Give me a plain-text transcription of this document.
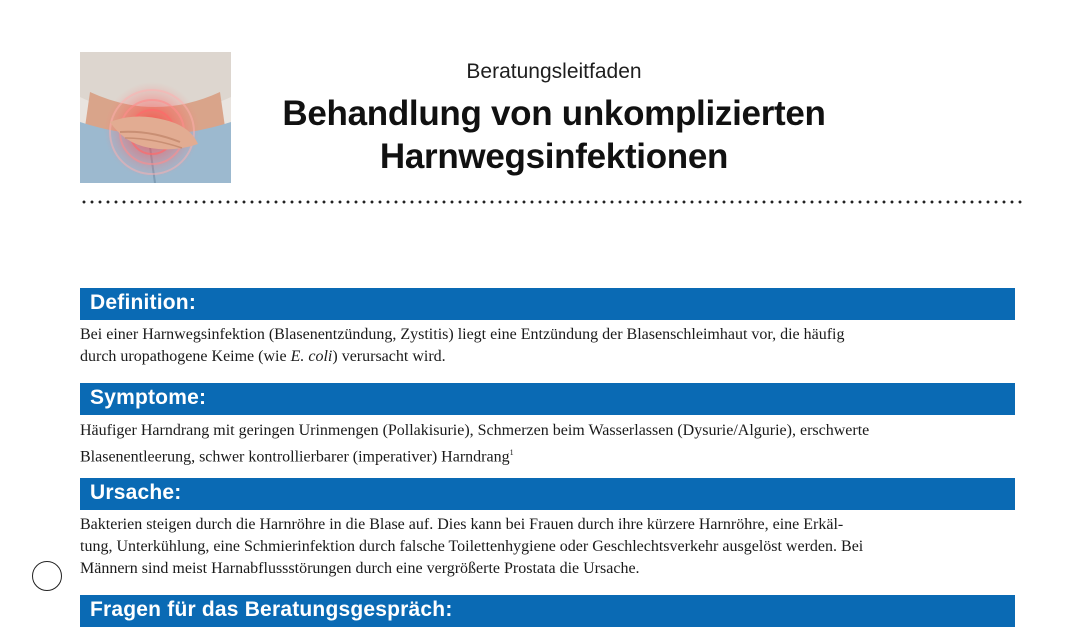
Beratungsleitfaden
Behandlung von unkomplizierten
Harnwegsinfektionen
Definition:

Bei einer Harnwegsinfektion (Blasenentzündung, Zystitis) liegt eine Entzündung der Blasenschleimhaut vor, die häufig

durch uropathogene Keime (wie E. coli) verursacht wird.

Symptome:

Häufiger Harndrang mit geringen Urinmengen (Pollakisurie), Schmerzen beim Wasserlassen (Dysurie/Algurie), erschwerte

Blasenentleerung, schwer kontrollierbarer (imperativer) Harndrang$^1$

Ursache:

Bakterien steigen durch die Harnröhre in die Blase auf. Dies kann bei Frauen durch ihre kürzere Harnröhre, eine Erkäl-

tung, Unterkühlung, eine Schmierinfektion durch falsche Toilettenhygiene oder Geschlechtsverkehr ausgelöst werden. Bei

Männern sind meist Harnabflussstörungen durch eine vergrößerte Prostata die Ursache.

Fragen für das Beratungsgespräch:
